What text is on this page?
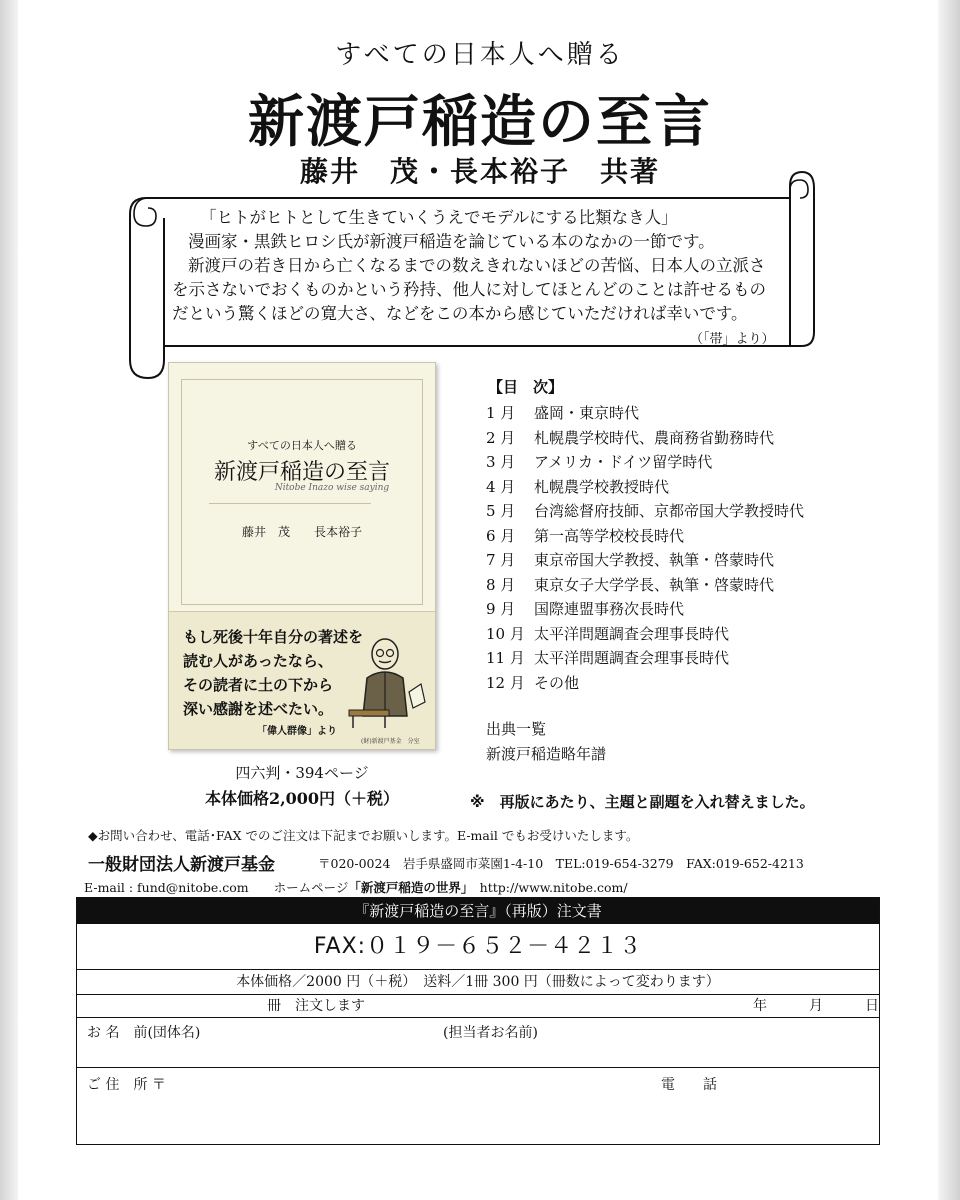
すべての日本人へ贈る
新渡戸稲造の至言
藤井　茂・長本裕子　共著

「ヒトがヒトとして生きていくうえでモデルにする比類なき人」

漫画家・黒鉄ヒロシ氏が新渡戸稲造を論じている本のなかの一節です。

新渡戸の若き日から亡くなるまでの数えきれないほどの苦悩、日本人の立派さ

を示さないでおくものかという矜持、他人に対してほとんどのことは許せるもの

だという驚くほどの寛大さ、などをこの本から感じていただければ幸いです。

（「帯」より）
すべての日本人へ贈る
新渡戸稲造の至言
Nitobe Inazo wise saying
藤井　茂　　長本裕子
もし死後十年自分の著述を
読む人があったなら、
その読者に土の下から
深い感謝を述べたい。
「偉人群像」より
(財)新渡戸基金　分室
四六判・394ページ
本体価格2,000円（＋税）
【目　次】
1 月 盛岡・東京時代
2 月 札幌農学校時代、農商務省勤務時代
3 月 アメリカ・ドイツ留学時代
4 月 札幌農学校教授時代
5 月 台湾総督府技師、京都帝国大学教授時代
6 月 第一高等学校校長時代
7 月 東京帝国大学教授、執筆・啓蒙時代
8 月 東京女子大学学長、執筆・啓蒙時代
9 月 国際連盟事務次長時代
10 月 太平洋問題調査会理事長時代
11 月 太平洋問題調査会理事長時代
12 月 その他
出典一覧
新渡戸稲造略年譜
※　再版にあたり、主題と副題を入れ替えました。
◆お問い合わせ、電話･FAX でのご注文は下記までお願いします。E-mail でもお受けいたします。
一般財団法人新渡戸基金	〒020-0024　岩手県盛岡市菜園1-4-10　TEL:019-654-3279　FAX:019-652-4213
E-mail : fund@nitobe.com　　ホームページ「新渡戸稲造の世界」　 http://www.nitobe.com/
『新渡戸稲造の至言』（再版）注文書
FAX:０１９－６５２－４２１３
本体価格／2000 円（＋税）　送料／1冊 300 円（冊数によって変わります）
冊　注文します	年　　　月　　　日
お 名　前(団体名)	(担当者お名前)
ご 住　所 〒	電　　話
